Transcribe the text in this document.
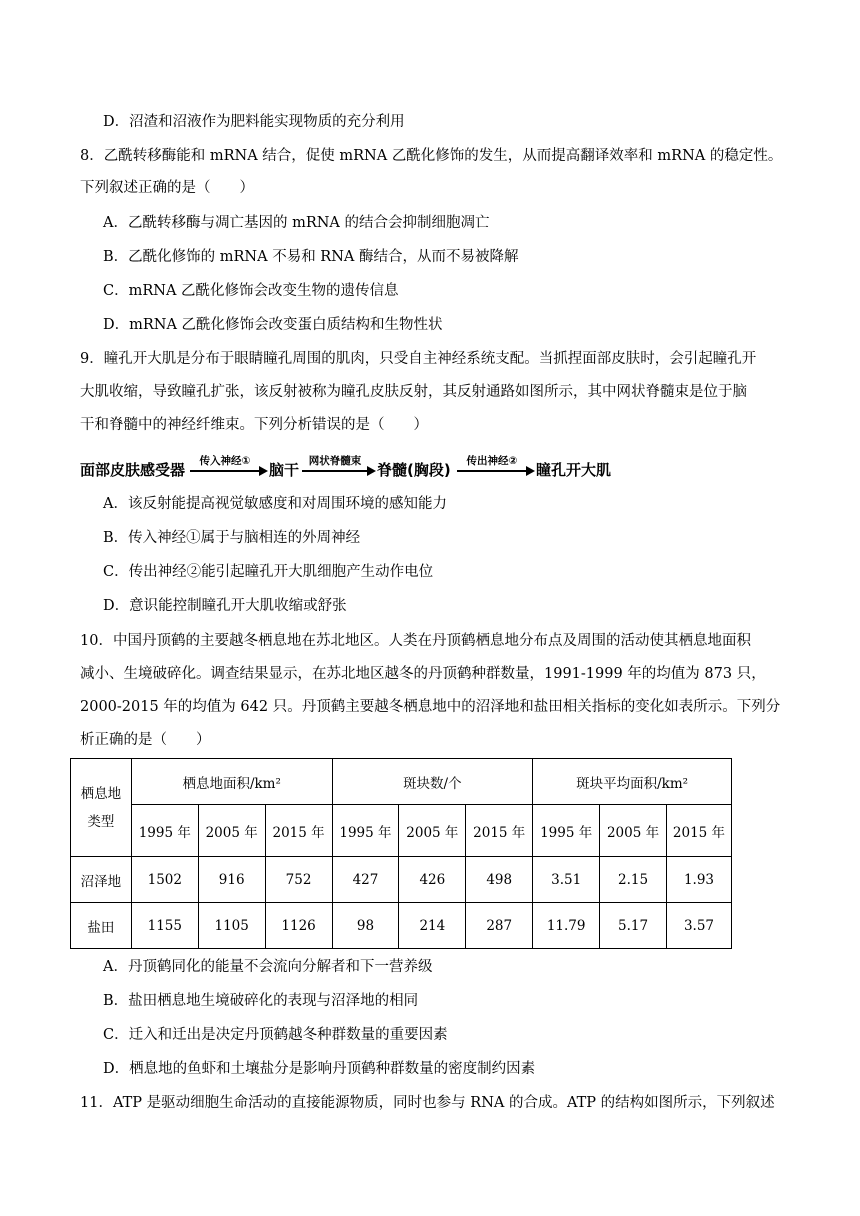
D．沼渣和沼液作为肥料能实现物质的充分利用
8．乙酰转移酶能和 mRNA 结合，促使 mRNA 乙酰化修饰的发生，从而提高翻译效率和 mRNA 的稳定性。
下列叙述正确的是（　　）
A．乙酰转移酶与凋亡基因的 mRNA 的结合会抑制细胞凋亡
B．乙酰化修饰的 mRNA 不易和 RNA 酶结合，从而不易被降解
C．mRNA 乙酰化修饰会改变生物的遗传信息
D．mRNA 乙酰化修饰会改变蛋白质结构和生物性状
9．瞳孔开大肌是分布于眼睛瞳孔周围的肌肉，只受自主神经系统支配。当抓捏面部皮肤时，会引起瞳孔开
大肌收缩，导致瞳孔扩张，该反射被称为瞳孔皮肤反射，其反射通路如图所示，其中网状脊髓束是位于脑
干和脊髓中的神经纤维束。下列分析错误的是（　　）
面部皮肤感受器	传入神经①	脑干 网状脊髓束	脊髓(胸段)	传出神经②	瞳孔开大肌
A．该反射能提高视觉敏感度和对周围环境的感知能力
B．传入神经①属于与脑相连的外周神经
C．传出神经②能引起瞳孔开大肌细胞产生动作电位
D．意识能控制瞳孔开大肌收缩或舒张
10．中国丹顶鹤的主要越冬栖息地在苏北地区。人类在丹顶鹤栖息地分布点及周围的活动使其栖息地面积
减小、生境破碎化。调查结果显示，在苏北地区越冬的丹顶鹤种群数量，1991-1999 年的均值为 873 只，
2000-2015 年的均值为 642 只。丹顶鹤主要越冬栖息地中的沼泽地和盐田相关指标的变化如表所示。下列分
析正确的是（　　）
栖息地
类型	栖息地面积/km²			斑块数/个			斑块平均面积/km²		
	1995 年	2005 年	2015 年	1995 年	2005 年	2015 年	1995 年	2005 年	2015 年
沼泽地	1502	916	752	427	426	498	3.51	2.15	1.93
盐田	1155	1105	1126	98	214	287	11.79	5.17	3.57
A．丹顶鹤同化的能量不会流向分解者和下一营养级
B．盐田栖息地生境破碎化的表现与沼泽地的相同
C．迁入和迁出是决定丹顶鹤越冬种群数量的重要因素
D．栖息地的鱼虾和土壤盐分是影响丹顶鹤种群数量的密度制约因素
11．ATP 是驱动细胞生命活动的直接能源物质，同时也参与 RNA 的合成。ATP 的结构如图所示，下列叙述
